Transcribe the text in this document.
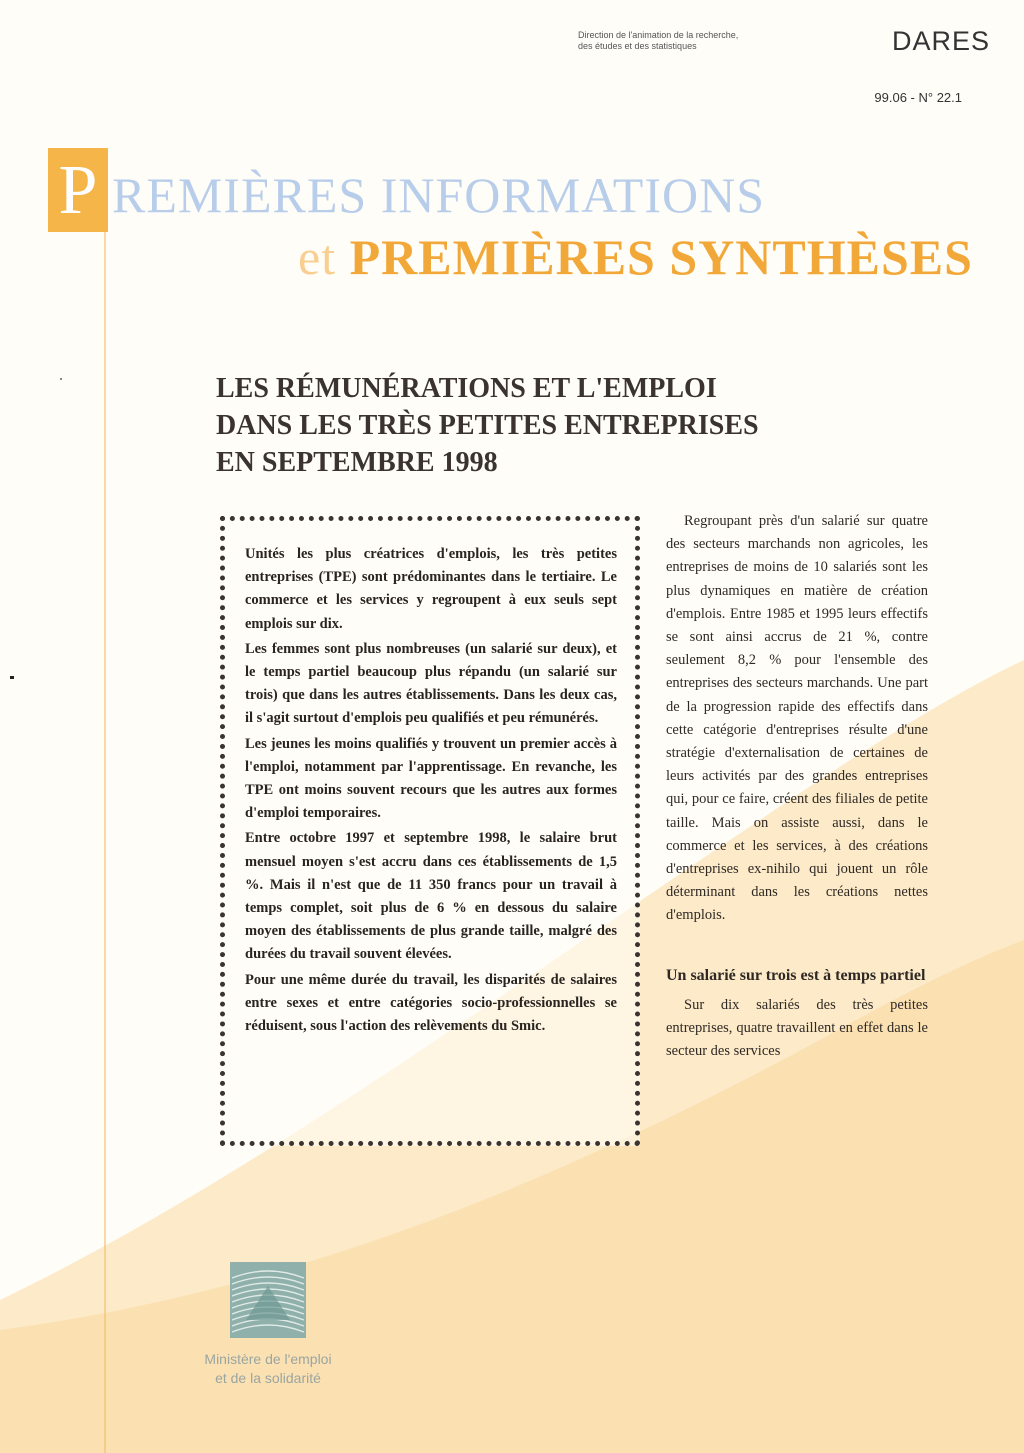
Direction de l'animation de la recherche,
des études et des statistiques	DARES
99.06 - N° 22.1
P REMIÈRES INFORMATIONS
et PREMIÈRES SYNTHÈSES
LES RÉMUNÉRATIONS ET L'EMPLOI
DANS LES TRÈS PETITES ENTREPRISES
EN SEPTEMBRE 1998

Unités les plus créatrices d'emplois, les très petites entreprises (TPE) sont prédominantes dans le tertiaire. Le commerce et les services y regroupent à eux seuls sept emplois sur dix.

Les femmes sont plus nombreuses (un salarié sur deux), et le temps partiel beaucoup plus répandu (un salarié sur trois) que dans les autres établissements. Dans les deux cas, il s'agit surtout d'emplois peu qualifiés et peu rémunérés.

Les jeunes les moins qualifiés y trouvent un premier accès à l'emploi, notamment par l'apprentissage. En revanche, les TPE ont moins souvent recours que les autres aux formes d'emploi temporaires.

Entre octobre 1997 et septembre 1998, le salaire brut mensuel moyen s'est accru dans ces établissements de 1,5 %. Mais il n'est que de 11 350 francs pour un travail à temps complet, soit plus de 6 % en dessous du salaire moyen des établissements de plus grande taille, malgré des durées du travail souvent élevées.

Pour une même durée du travail, les disparités de salaires entre sexes et entre catégories socio-professionnelles se réduisent, sous l'action des relèvements du Smic.

Regroupant près d'un salarié sur quatre des secteurs marchands non agricoles, les entreprises de moins de 10 salariés sont les plus dynamiques en matière de création d'emplois. Entre 1985 et 1995 leurs effectifs se sont ainsi accrus de 21 %, contre seulement 8,2 % pour l'ensemble des entreprises des secteurs marchands. Une part de la progression rapide des effectifs dans cette catégorie d'entreprises résulte d'une stratégie d'externalisation de certaines de leurs activités par des grandes entreprises qui, pour ce faire, créent des filiales de petite taille. Mais on assiste aussi, dans le commerce et les services, à des créations d'entreprises ex-nihilo qui jouent un rôle déterminant dans les créations nettes d'emplois.

Un salarié sur trois est à temps partiel

Sur dix salariés des très petites entreprises, quatre travaillent en effet dans le secteur des services

Ministère de l'emploi
et de la solidarité
